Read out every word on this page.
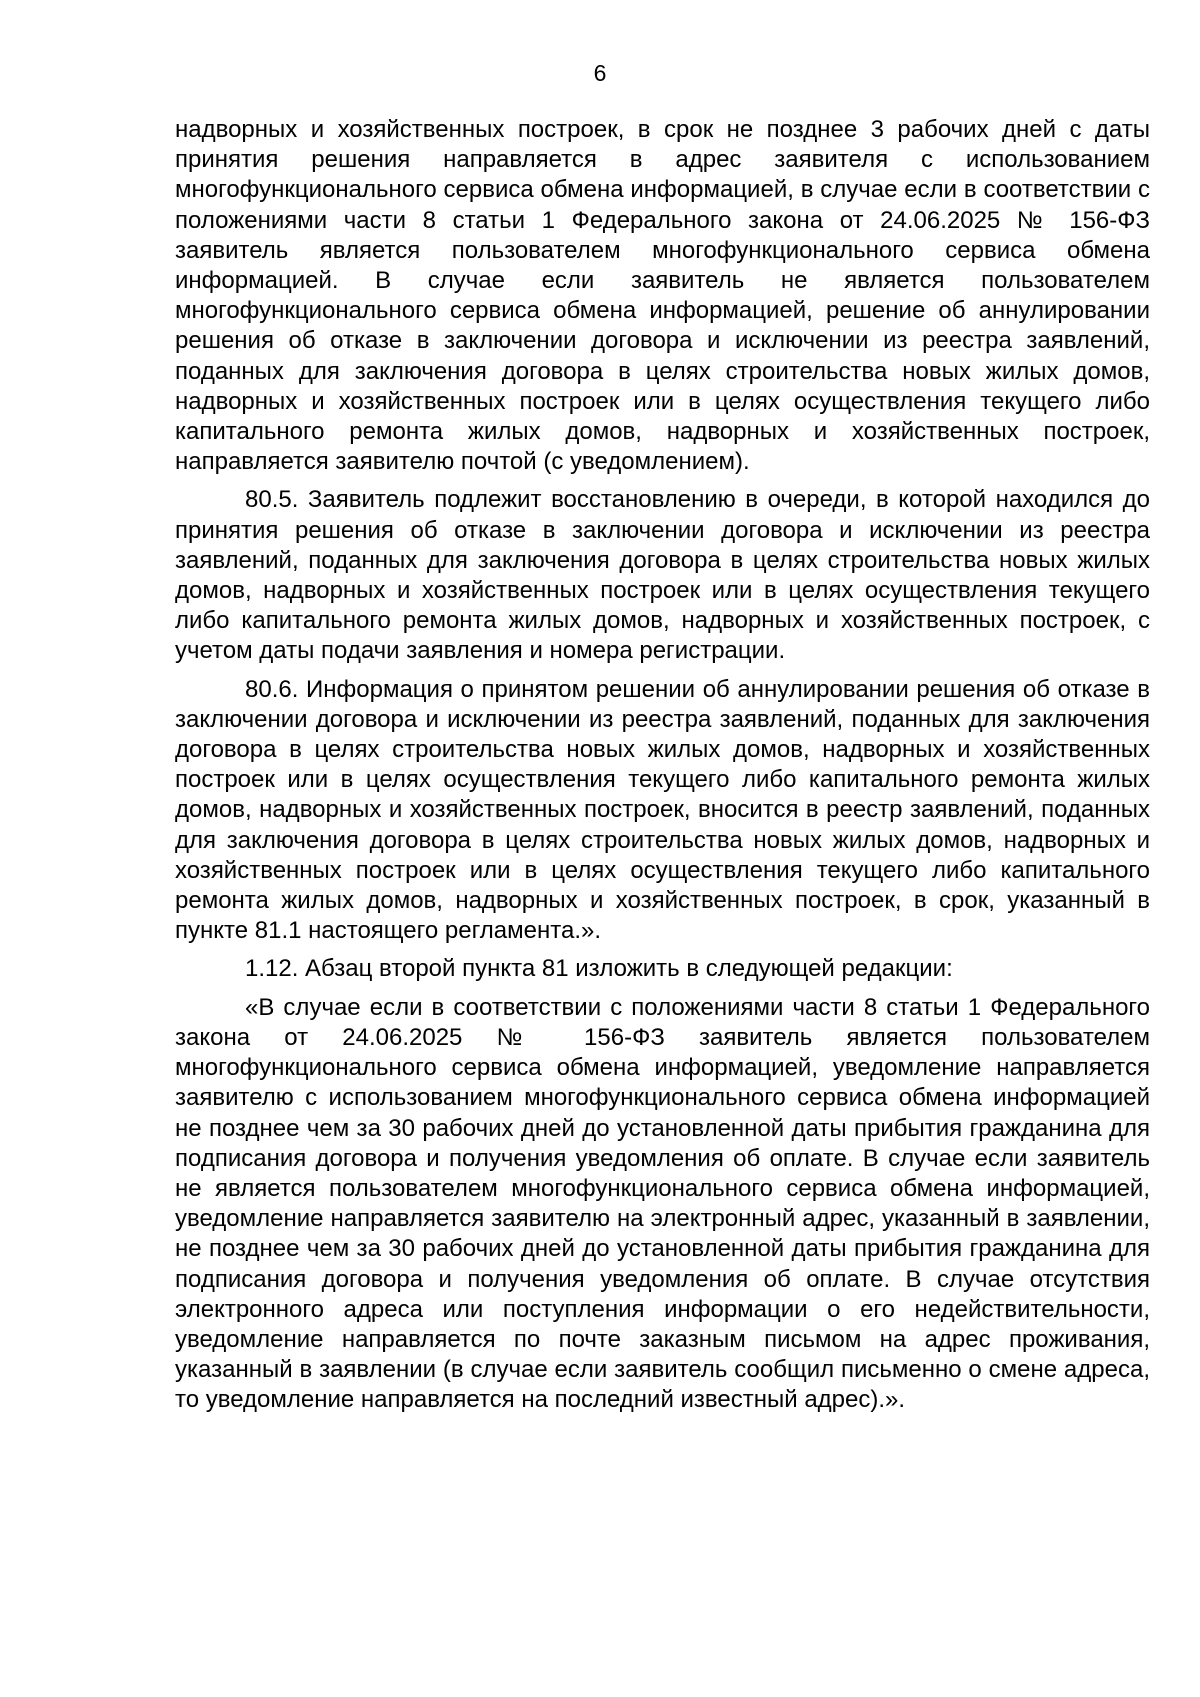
6

надворных и хозяйственных построек, в срок не позднее 3 рабочих дней с даты принятия решения направляется в адрес заявителя с использованием многофункционального сервиса обмена информацией, в случае если в соответствии с положениями части 8 статьи 1 Федерального закона от 24.06.2025 № 156-ФЗ заявитель является пользователем многофункционального сервиса обмена информацией. В случае если заявитель не является пользователем многофункционального сервиса обмена информацией, решение об аннулировании решения об отказе в заключении договора и исключении из реестра заявлений, поданных для заключения договора в целях строительства новых жилых домов, надворных и хозяйственных построек или в целях осуществления текущего либо капитального ремонта жилых домов, надворных и хозяйственных построек, направляется заявителю почтой (с уведомлением).

80.5. Заявитель подлежит восстановлению в очереди, в которой находился до принятия решения об отказе в заключении договора и исключении из реестра заявлений, поданных для заключения договора в целях строительства новых жилых домов, надворных и хозяйственных построек или в целях осуществления текущего либо капитального ремонта жилых домов, надворных и хозяйственных построек, с учетом даты подачи заявления и номера регистрации.

80.6. Информация о принятом решении об аннулировании решения об отказе в заключении договора и исключении из реестра заявлений, поданных для заключения договора в целях строительства новых жилых домов, надворных и хозяйственных построек или в целях осуществления текущего либо капитального ремонта жилых домов, надворных и хозяйственных построек, вносится в реестр заявлений, поданных для заключения договора в целях строительства новых жилых домов, надворных и хозяйственных построек или в целях осуществления текущего либо капитального ремонта жилых домов, надворных и хозяйственных построек, в срок, указанный в пункте 81.1 настоящего регламента.».

1.12. Абзац второй пункта 81 изложить в следующей редакции:

«В случае если в соответствии с положениями части 8 статьи 1 Федерального закона от 24.06.2025 № 156-ФЗ заявитель является пользователем многофункционального сервиса обмена информацией, уведомление направляется заявителю с использованием многофункционального сервиса обмена информацией не позднее чем за 30 рабочих дней до установленной даты прибытия гражданина для подписания договора и получения уведомления об оплате. В случае если заявитель не является пользователем многофункционального сервиса обмена информацией, уведомление направляется заявителю на электронный адрес, указанный в заявлении, не позднее чем за 30 рабочих дней до установленной даты прибытия гражданина для подписания договора и получения уведомления об оплате. В случае отсутствия электронного адреса или поступления информации о его недействительности, уведомление направляется по почте заказным письмом на адрес проживания, указанный в заявлении (в случае если заявитель сообщил письменно о смене адреса, то уведомление направляется на последний известный адрес).».
